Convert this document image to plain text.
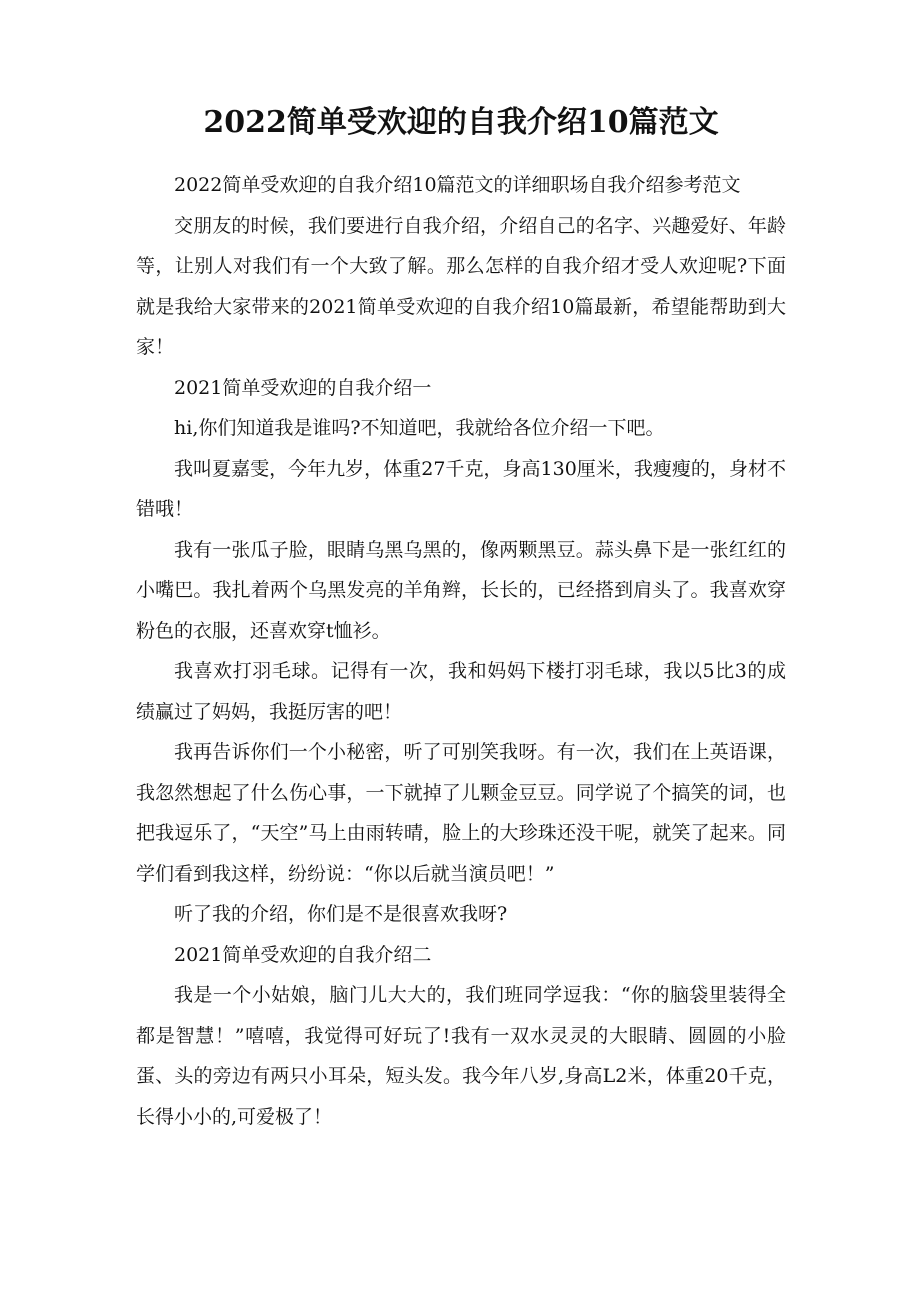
2022简单受欢迎的自我介绍10篇范文

2022简单受欢迎的自我介绍10篇范文的详细职场自我介绍参考范文

交朋友的时候，我们要进行自我介绍，介绍自己的名字、兴趣爱好、年龄等，让别人对我们有一个大致了解。那么怎样的自我介绍才受人欢迎呢?下面就是我给大家带来的2021简单受欢迎的自我介绍10篇最新，希望能帮助到大家！

2021简单受欢迎的自我介绍一

hi,你们知道我是谁吗?不知道吧，我就给各位介绍一下吧。

我叫夏嘉雯，今年九岁，体重27千克，身高130厘米，我瘦瘦的，身材不错哦！

我有一张瓜子脸，眼睛乌黑乌黑的，像两颗黑豆。蒜头鼻下是一张红红的小嘴巴。我扎着两个乌黑发亮的羊角辫，长长的，已经搭到肩头了。我喜欢穿粉色的衣服，还喜欢穿t恤衫。

我喜欢打羽毛球。记得有一次，我和妈妈下楼打羽毛球，我以5比3的成绩赢过了妈妈，我挺厉害的吧！

我再告诉你们一个小秘密，听了可别笑我呀。有一次，我们在上英语课，我忽然想起了什么伤心事，一下就掉了儿颗金豆豆。同学说了个搞笑的词，也把我逗乐了，“天空”马上由雨转晴，脸上的大珍珠还没干呢，就笑了起来。同学们看到我这样，纷纷说：“你以后就当演员吧！”

听了我的介绍，你们是不是很喜欢我呀?

2021简单受欢迎的自我介绍二

我是一个小姑娘，脑门儿大大的，我们班同学逗我：“你的脑袋里装得全都是智慧！”嘻嘻，我觉得可好玩了!我有一双水灵灵的大眼睛、圆圆的小脸蛋、头的旁边有两只小耳朵，短头发。我今年八岁,身高L2米，体重20千克，长得小小的,可爱极了！
